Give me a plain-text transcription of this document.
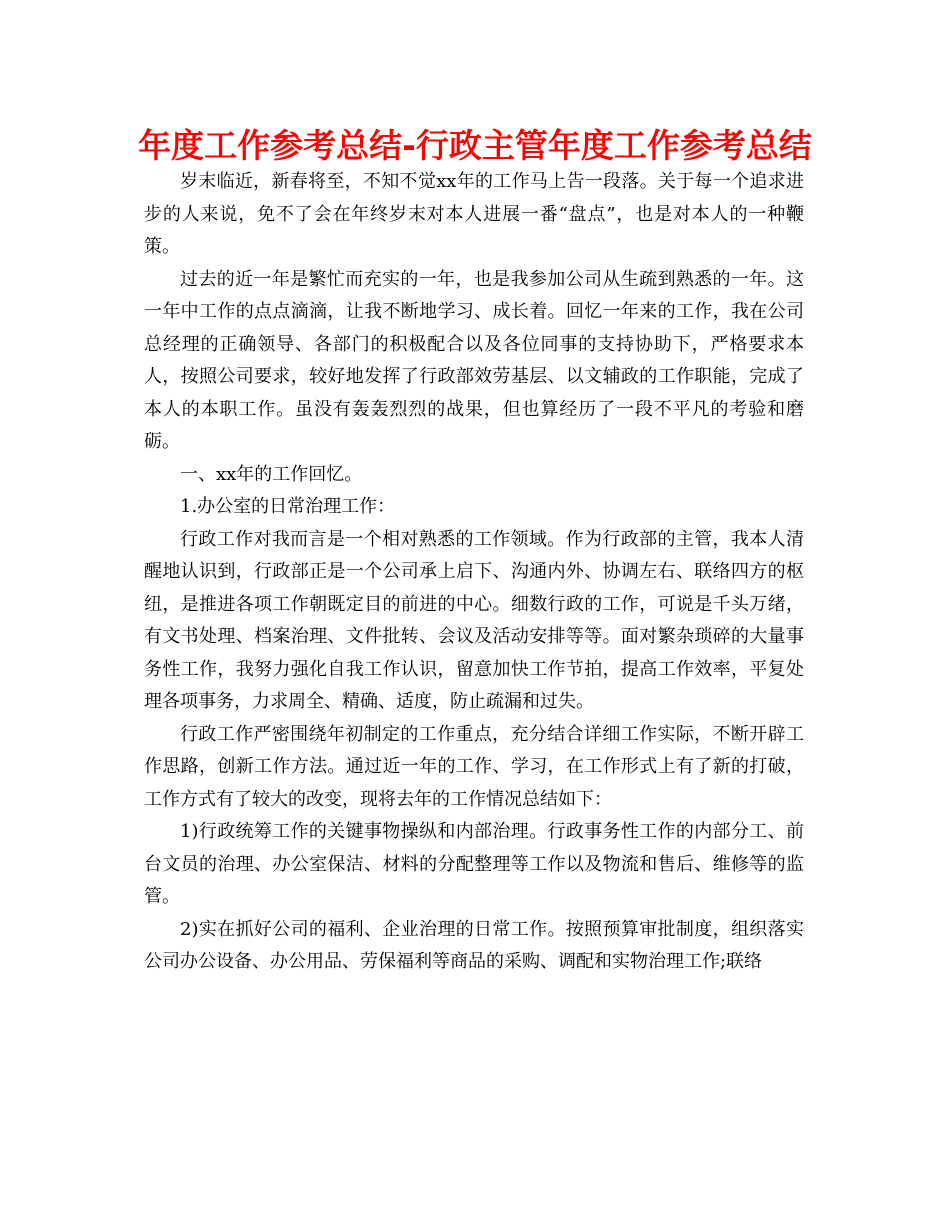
年度工作参考总结-行政主管年度工作参考总结

岁末临近，新春将至，不知不觉xx年的工作马上告一段落。关于每一个追求进步的人来说，免不了会在年终岁末对本人进展一番“盘点”，也是对本人的一种鞭策。

过去的近一年是繁忙而充实的一年，也是我参加公司从生疏到熟悉的一年。这一年中工作的点点滴滴，让我不断地学习、成长着。回忆一年来的工作，我在公司总经理的正确领导、各部门的积极配合以及各位同事的支持协助下，严格要求本人，按照公司要求，较好地发挥了行政部效劳基层、以文辅政的工作职能，完成了本人的本职工作。虽没有轰轰烈烈的战果，但也算经历了一段不平凡的考验和磨砺。

一、xx年的工作回忆。

1.办公室的日常治理工作：

行政工作对我而言是一个相对熟悉的工作领域。作为行政部的主管，我本人清醒地认识到，行政部正是一个公司承上启下、沟通内外、协调左右、联络四方的枢纽，是推进各项工作朝既定目的前进的中心。细数行政的工作，可说是千头万绪，有文书处理、档案治理、文件批转、会议及活动安排等等。面对繁杂琐碎的大量事务性工作，我努力强化自我工作认识，留意加快工作节拍，提高工作效率，平复处理各项事务，力求周全、精确、适度，防止疏漏和过失。

行政工作严密围绕年初制定的工作重点，充分结合详细工作实际，不断开辟工作思路，创新工作方法。通过近一年的工作、学习，在工作形式上有了新的打破，工作方式有了较大的改变，现将去年的工作情况总结如下：

1)行政统筹工作的关键事物操纵和内部治理。行政事务性工作的内部分工、前台文员的治理、办公室保洁、材料的分配整理等工作以及物流和售后、维修等的监管。

2)实在抓好公司的福利、企业治理的日常工作。按照预算审批制度，组织落实公司办公设备、办公用品、劳保福利等商品的采购、调配和实物治理工作;联络
